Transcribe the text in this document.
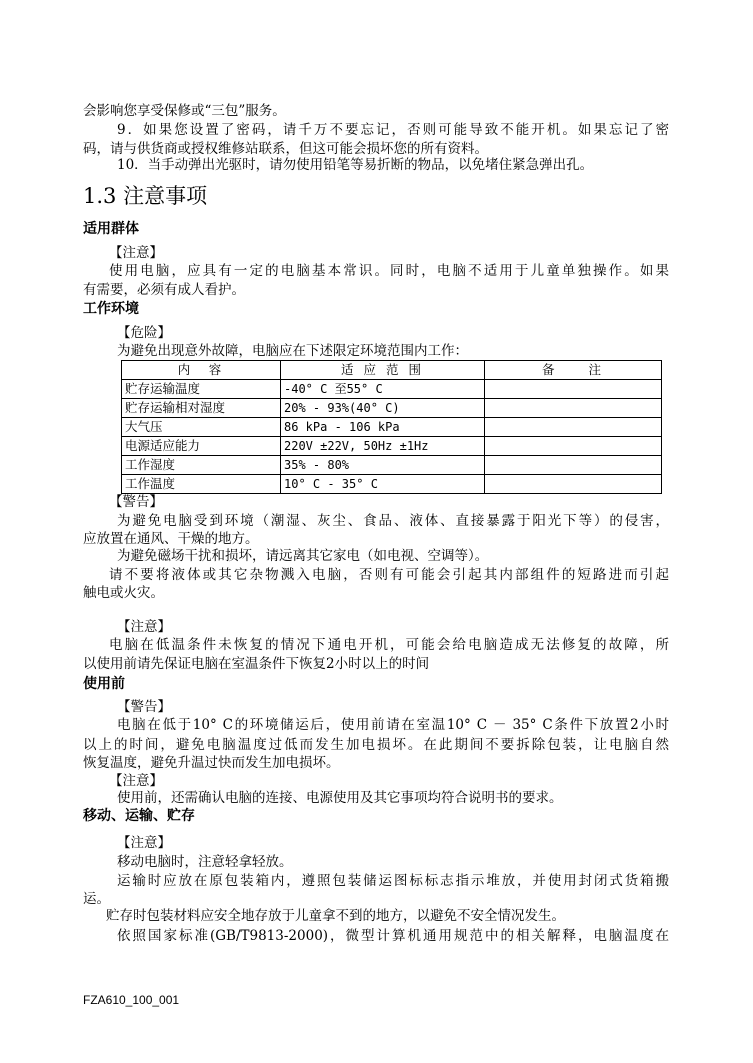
会影响您享受保修或“三包”服务。
9．如果您设置了密码，请千万不要忘记，否则可能导致不能开机。如果忘记了密
码，请与供货商或授权维修站联系，但这可能会损坏您的所有资料。
10．当手动弹出光驱时，请勿使用铅笔等易折断的物品，以免堵住紧急弹出孔。
1.3 注意事项
适用群体
【注意】
使用电脑，应具有一定的电脑基本常识。同时，电脑不适用于儿童单独操作。如果
有需要，必须有成人看护。
工作环境
【危险】
为避免出现意外故障，电脑应在下述限定环境范围内工作：
内　容	适 应 范 围	备　　注
贮存运输温度	-40° C 至55° C	
贮存运输相对湿度	20% - 93%(40° C)	
大气压	86 kPa - 106 kPa	
电源适应能力	220V ±22V, 50Hz ±1Hz	
工作湿度	35% - 80%	
工作温度	10° C - 35° C	
【警告】
为避免电脑受到环境（潮湿、灰尘、食品、液体、直接暴露于阳光下等）的侵害，
应放置在通风、干燥的地方。
为避免磁场干扰和损坏，请远离其它家电（如电视、空调等）。
请不要将液体或其它杂物溅入电脑，否则有可能会引起其内部组件的短路进而引起
触电或火灾。
【注意】
电脑在低温条件未恢复的情况下通电开机，可能会给电脑造成无法修复的故障，所
以使用前请先保证电脑在室温条件下恢复2小时以上的时间
使用前
【警告】
电脑在低于10° C的环境储运后，使用前请在室温10° C － 35° C条件下放置2小时
以上的时间，避免电脑温度过低而发生加电损坏。在此期间不要拆除包装，让电脑自然
恢复温度，避免升温过快而发生加电损坏。
【注意】
使用前，还需确认电脑的连接、电源使用及其它事项均符合说明书的要求。
移动、运输、贮存
【注意】
移动电脑时，注意轻拿轻放。
运输时应放在原包装箱内，遵照包装储运图标标志指示堆放，并使用封闭式货箱搬
运。
贮存时包装材料应安全地存放于儿童拿不到的地方，以避免不安全情况发生。
依照国家标准(GB/T9813-2000)，微型计算机通用规范中的相关解释，电脑温度在
FZA610_100_001
